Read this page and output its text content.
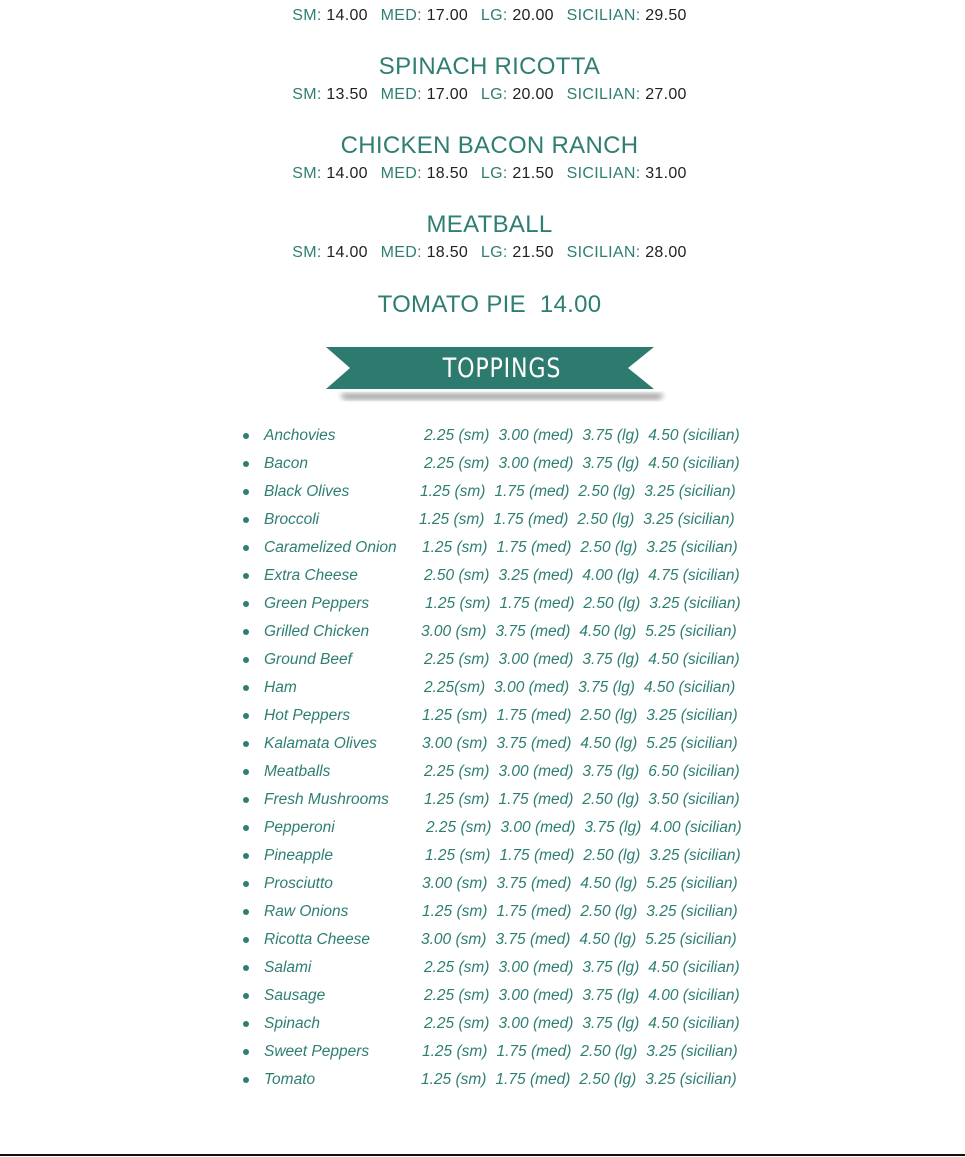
SM: 14.00 MED: 17.00 LG: 20.00 SICILIAN: 29.50
SPINACH RICOTTA
SM: 13.50 MED: 17.00 LG: 20.00 SICILIAN: 27.00
CHICKEN BACON RANCH
SM: 14.00 MED: 18.50 LG: 21.50 SICILIAN: 31.00
MEATBALL
SM: 14.00 MED: 18.50 LG: 21.50 SICILIAN: 28.00
TOMATO PIE 14.00
TOPPINGS
Anchovies	2.25 (sm) 3.00 (med) 3.75 (lg) 4.50 (sicilian)
Bacon	2.25 (sm) 3.00 (med) 3.75 (lg) 4.50 (sicilian)
Black Olives	1.25 (sm) 1.75 (med) 2.50 (lg) 3.25 (sicilian)
Broccoli	1.25 (sm) 1.75 (med) 2.50 (lg) 3.25 (sicilian)
Caramelized Onion 1.25 (sm) 1.75 (med) 2.50 (lg) 3.25 (sicilian)
Extra Cheese	2.50 (sm) 3.25 (med) 4.00 (lg) 4.75 (sicilian)
Green Peppers	1.25 (sm) 1.75 (med) 2.50 (lg) 3.25 (sicilian)
Grilled Chicken	3.00 (sm) 3.75 (med) 4.50 (lg) 5.25 (sicilian)
Ground Beef	2.25 (sm) 3.00 (med) 3.75 (lg) 4.50 (sicilian)
Ham	2.25(sm) 3.00 (med) 3.75 (lg) 4.50 (sicilian)
Hot Peppers	1.25 (sm) 1.75 (med) 2.50 (lg) 3.25 (sicilian)
Kalamata Olives	3.00 (sm) 3.75 (med) 4.50 (lg) 5.25 (sicilian)
Meatballs	2.25 (sm) 3.00 (med) 3.75 (lg) 6.50 (sicilian)
Fresh Mushrooms 1.25 (sm) 1.75 (med) 2.50 (lg) 3.50 (sicilian)
Pepperoni	2.25 (sm) 3.00 (med) 3.75 (lg) 4.00 (sicilian)
Pineapple	1.25 (sm) 1.75 (med) 2.50 (lg) 3.25 (sicilian)
Prosciutto	3.00 (sm) 3.75 (med) 4.50 (lg) 5.25 (sicilian)
Raw Onions	1.25 (sm) 1.75 (med) 2.50 (lg) 3.25 (sicilian)
Ricotta Cheese	3.00 (sm) 3.75 (med) 4.50 (lg) 5.25 (sicilian)
Salami	2.25 (sm) 3.00 (med) 3.75 (lg) 4.50 (sicilian)
Sausage	2.25 (sm) 3.00 (med) 3.75 (lg) 4.00 (sicilian)
Spinach	2.25 (sm) 3.00 (med) 3.75 (lg) 4.50 (sicilian)
Sweet Peppers	1.25 (sm) 1.75 (med) 2.50 (lg) 3.25 (sicilian)
Tomato	1.25 (sm) 1.75 (med) 2.50 (lg) 3.25 (sicilian)
